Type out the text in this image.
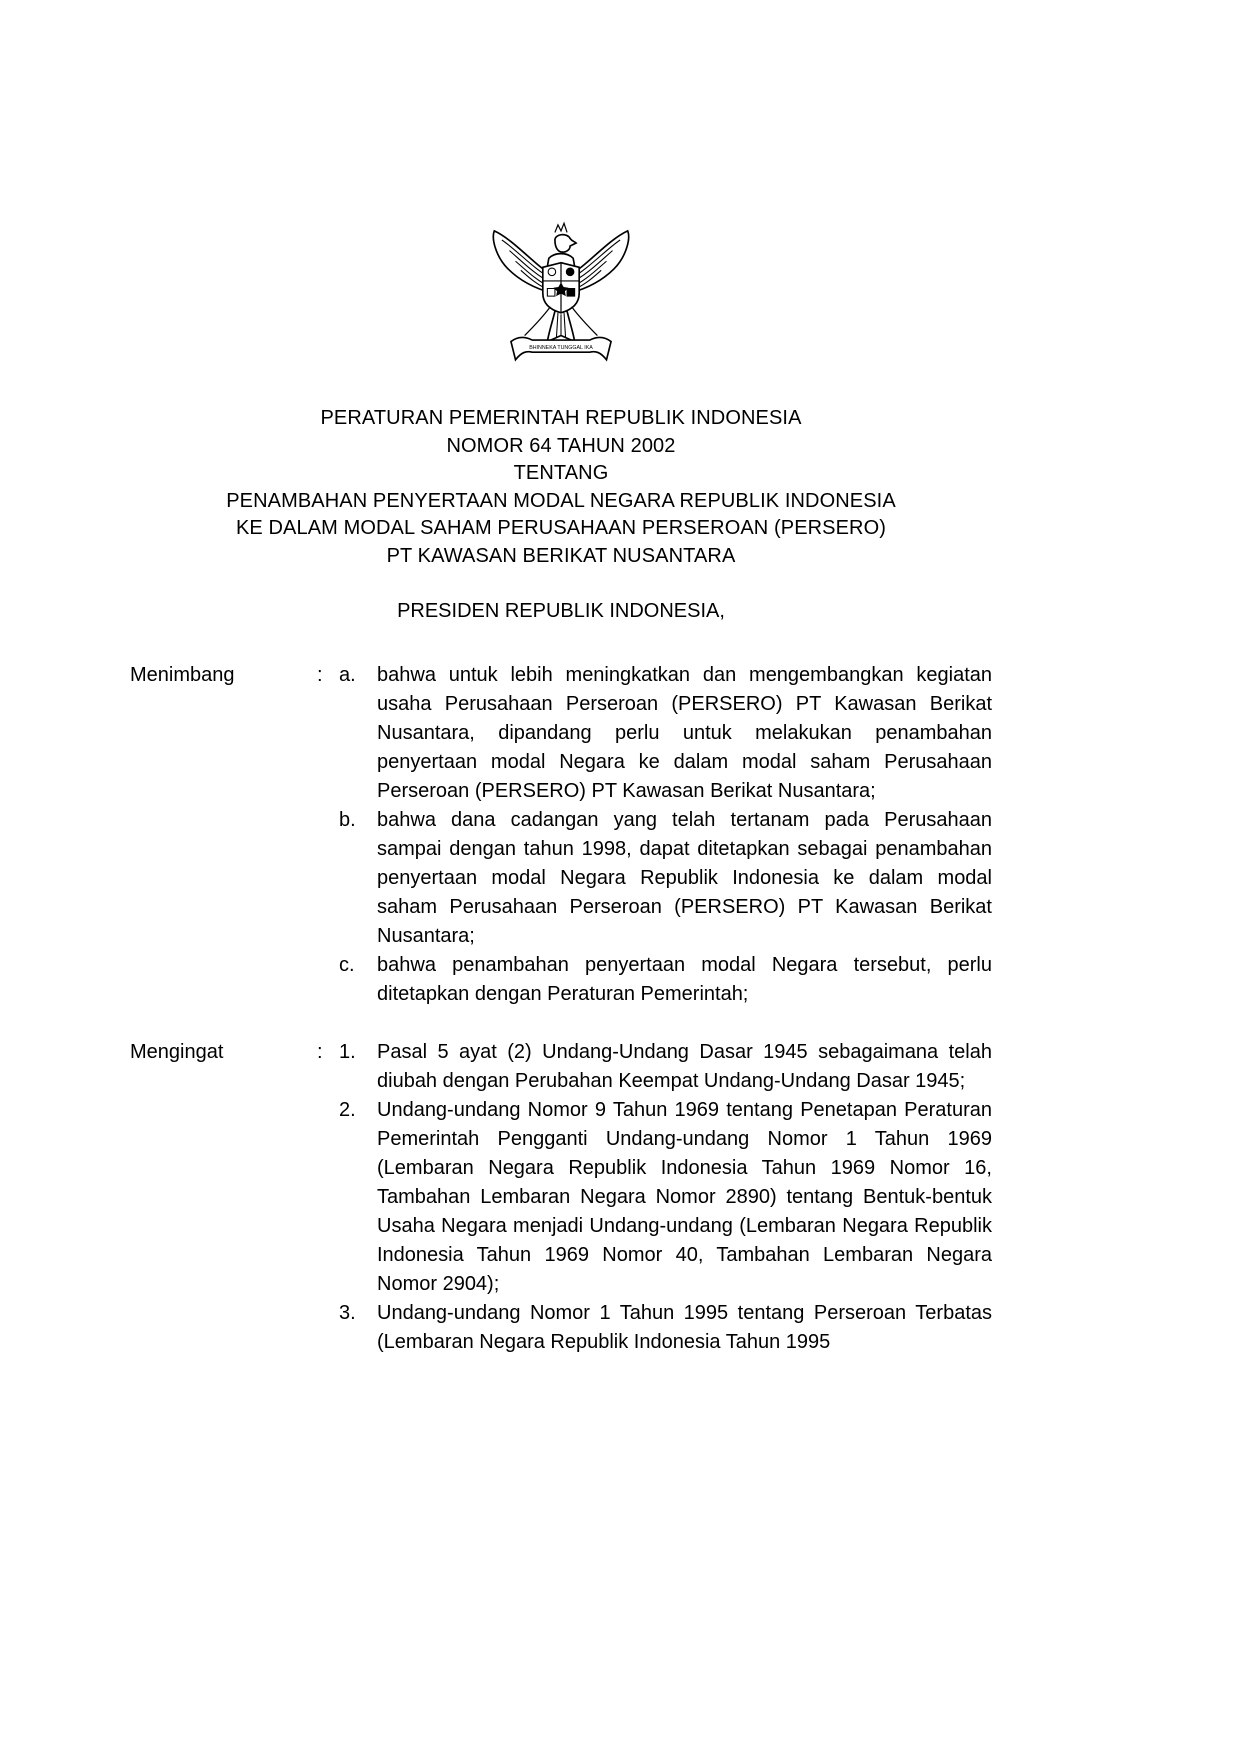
BHINNEKA TUNGGAL IKA
PERATURAN PEMERINTAH REPUBLIK INDONESIA
NOMOR 64 TAHUN 2002
TENTANG
PENAMBAHAN PENYERTAAN MODAL NEGARA REPUBLIK INDONESIA
KE DALAM MODAL SAHAM PERUSAHAAN PERSEROAN (PERSERO)
PT KAWASAN BERIKAT NUSANTARA
PRESIDEN REPUBLIK INDONESIA,
Menimbang	: a.	bahwa untuk lebih meningkatkan dan mengembangkan kegiatan usaha Perusahaan Perseroan (PERSERO) PT Kawasan Berikat Nusantara, dipandang perlu untuk melakukan penambahan penyertaan modal Negara ke dalam modal saham Perusahaan Perseroan (PERSERO) PT Kawasan Berikat Nusantara;
b.	bahwa dana cadangan yang telah tertanam pada Perusahaan sampai dengan tahun 1998, dapat ditetapkan sebagai penambahan penyertaan modal Negara Republik Indonesia ke dalam modal saham Perusahaan Perseroan (PERSERO) PT Kawasan Berikat Nusantara;
c.	bahwa penambahan penyertaan modal Negara tersebut, perlu ditetapkan dengan Peraturan Pemerintah;
Mengingat	: 1.	Pasal 5 ayat (2) Undang-Undang Dasar 1945 sebagaimana telah diubah dengan Perubahan Keempat Undang-Undang Dasar 1945;
2.	Undang-undang Nomor 9 Tahun 1969 tentang Penetapan Peraturan Pemerintah Pengganti Undang-undang Nomor 1 Tahun 1969 (Lembaran Negara Republik Indonesia Tahun 1969 Nomor 16, Tambahan Lembaran Negara Nomor 2890) tentang Bentuk-bentuk Usaha Negara menjadi Undang-undang (Lembaran Negara Republik Indonesia Tahun 1969 Nomor 40, Tambahan Lembaran Negara Nomor 2904);
3.	Undang-undang Nomor 1 Tahun 1995 tentang Perseroan Terbatas (Lembaran Negara Republik Indonesia Tahun 1995
